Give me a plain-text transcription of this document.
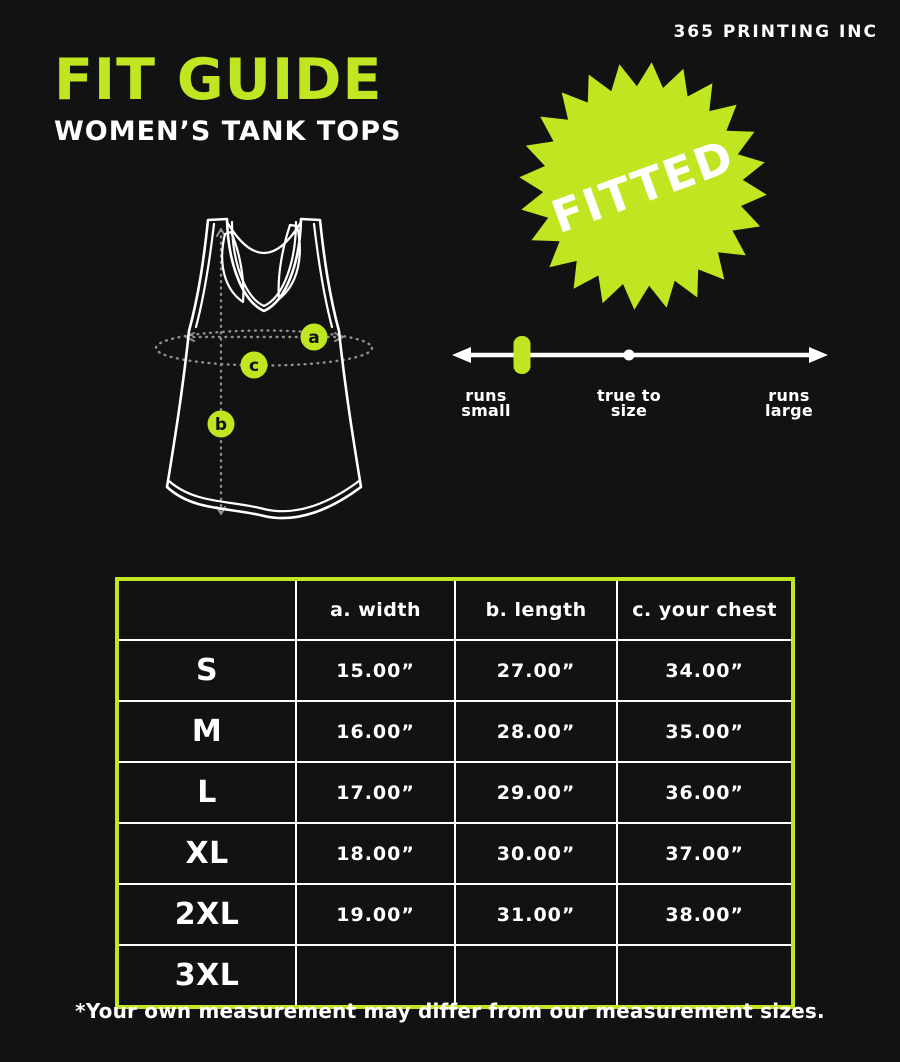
365 PRINTING INC
FIT GUIDE
WOMEN’S TANK TOPS	FITTED
a
b
c
runs
small
true to
size
runs
large
	a. width	b. length	c. your chest
S	15.00”	27.00”	34.00”
M	16.00”	28.00”	35.00”
L	17.00”	29.00”	36.00”
XL	18.00”	30.00”	37.00”
2XL	19.00”	31.00”	38.00”
3XL			
*Your own measurement may differ from our measurement sizes.
